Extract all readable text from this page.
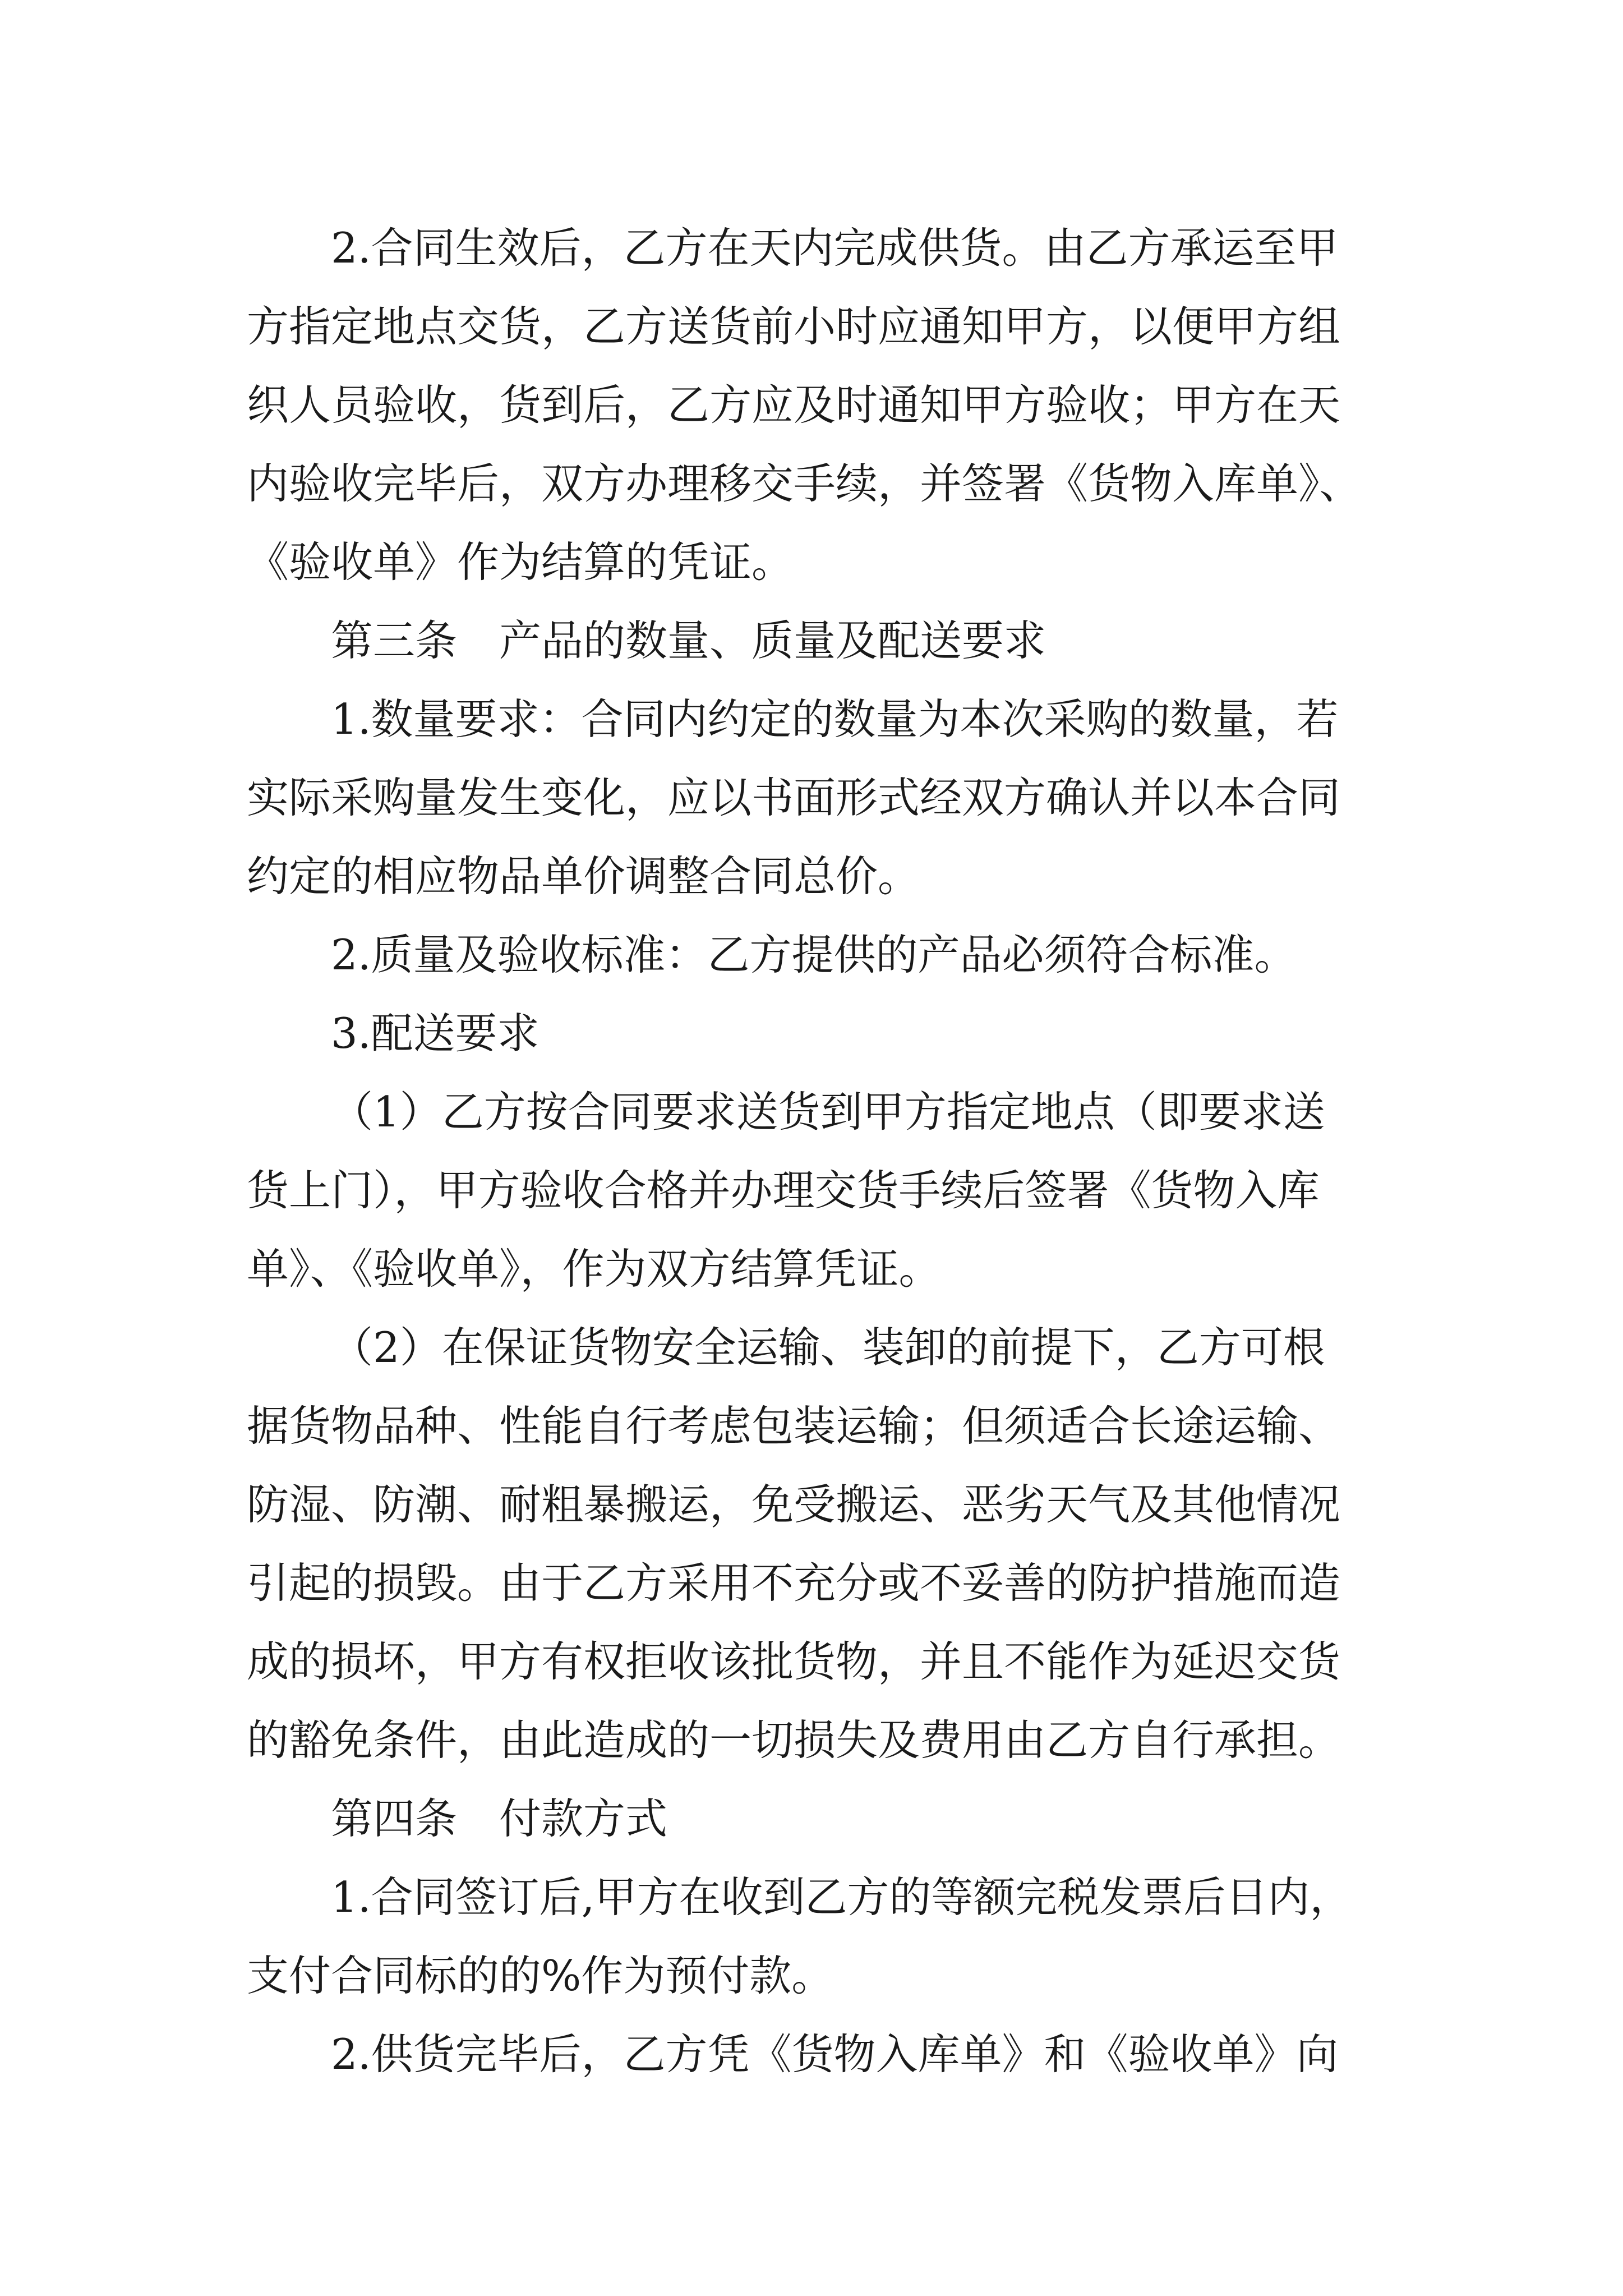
2.合同生效后，乙方在天内完成供货。由乙方承运至甲
方指定地点交货，乙方送货前小时应通知甲方，以便甲方组
织人员验收，货到后，乙方应及时通知甲方验收；甲方在天
内验收完毕后，双方办理移交手续，并签署《货物入库单》、
《验收单》作为结算的凭证。
第三条　产品的数量、质量及配送要求
1.数量要求：合同内约定的数量为本次采购的数量，若
实际采购量发生变化，应以书面形式经双方确认并以本合同
约定的相应物品单价调整合同总价。
2.质量及验收标准：乙方提供的产品必须符合标准。
3.配送要求
（1）乙方按合同要求送货到甲方指定地点（即要求送
货上门），甲方验收合格并办理交货手续后签署《货物入库
单》、《验收单》，作为双方结算凭证。
（2）在保证货物安全运输、装卸的前提下，乙方可根
据货物品种、性能自行考虑包装运输；但须适合长途运输、
防湿、防潮、耐粗暴搬运，免受搬运、恶劣天气及其他情况
引起的损毁。由于乙方采用不充分或不妥善的防护措施而造
成的损坏，甲方有权拒收该批货物，并且不能作为延迟交货
的豁免条件，由此造成的一切损失及费用由乙方自行承担。
第四条　付款方式
1.合同签订后,甲方在收到乙方的等额完税发票后日内，
支付合同标的的%作为预付款。
2.供货完毕后，乙方凭《货物入库单》和《验收单》向
